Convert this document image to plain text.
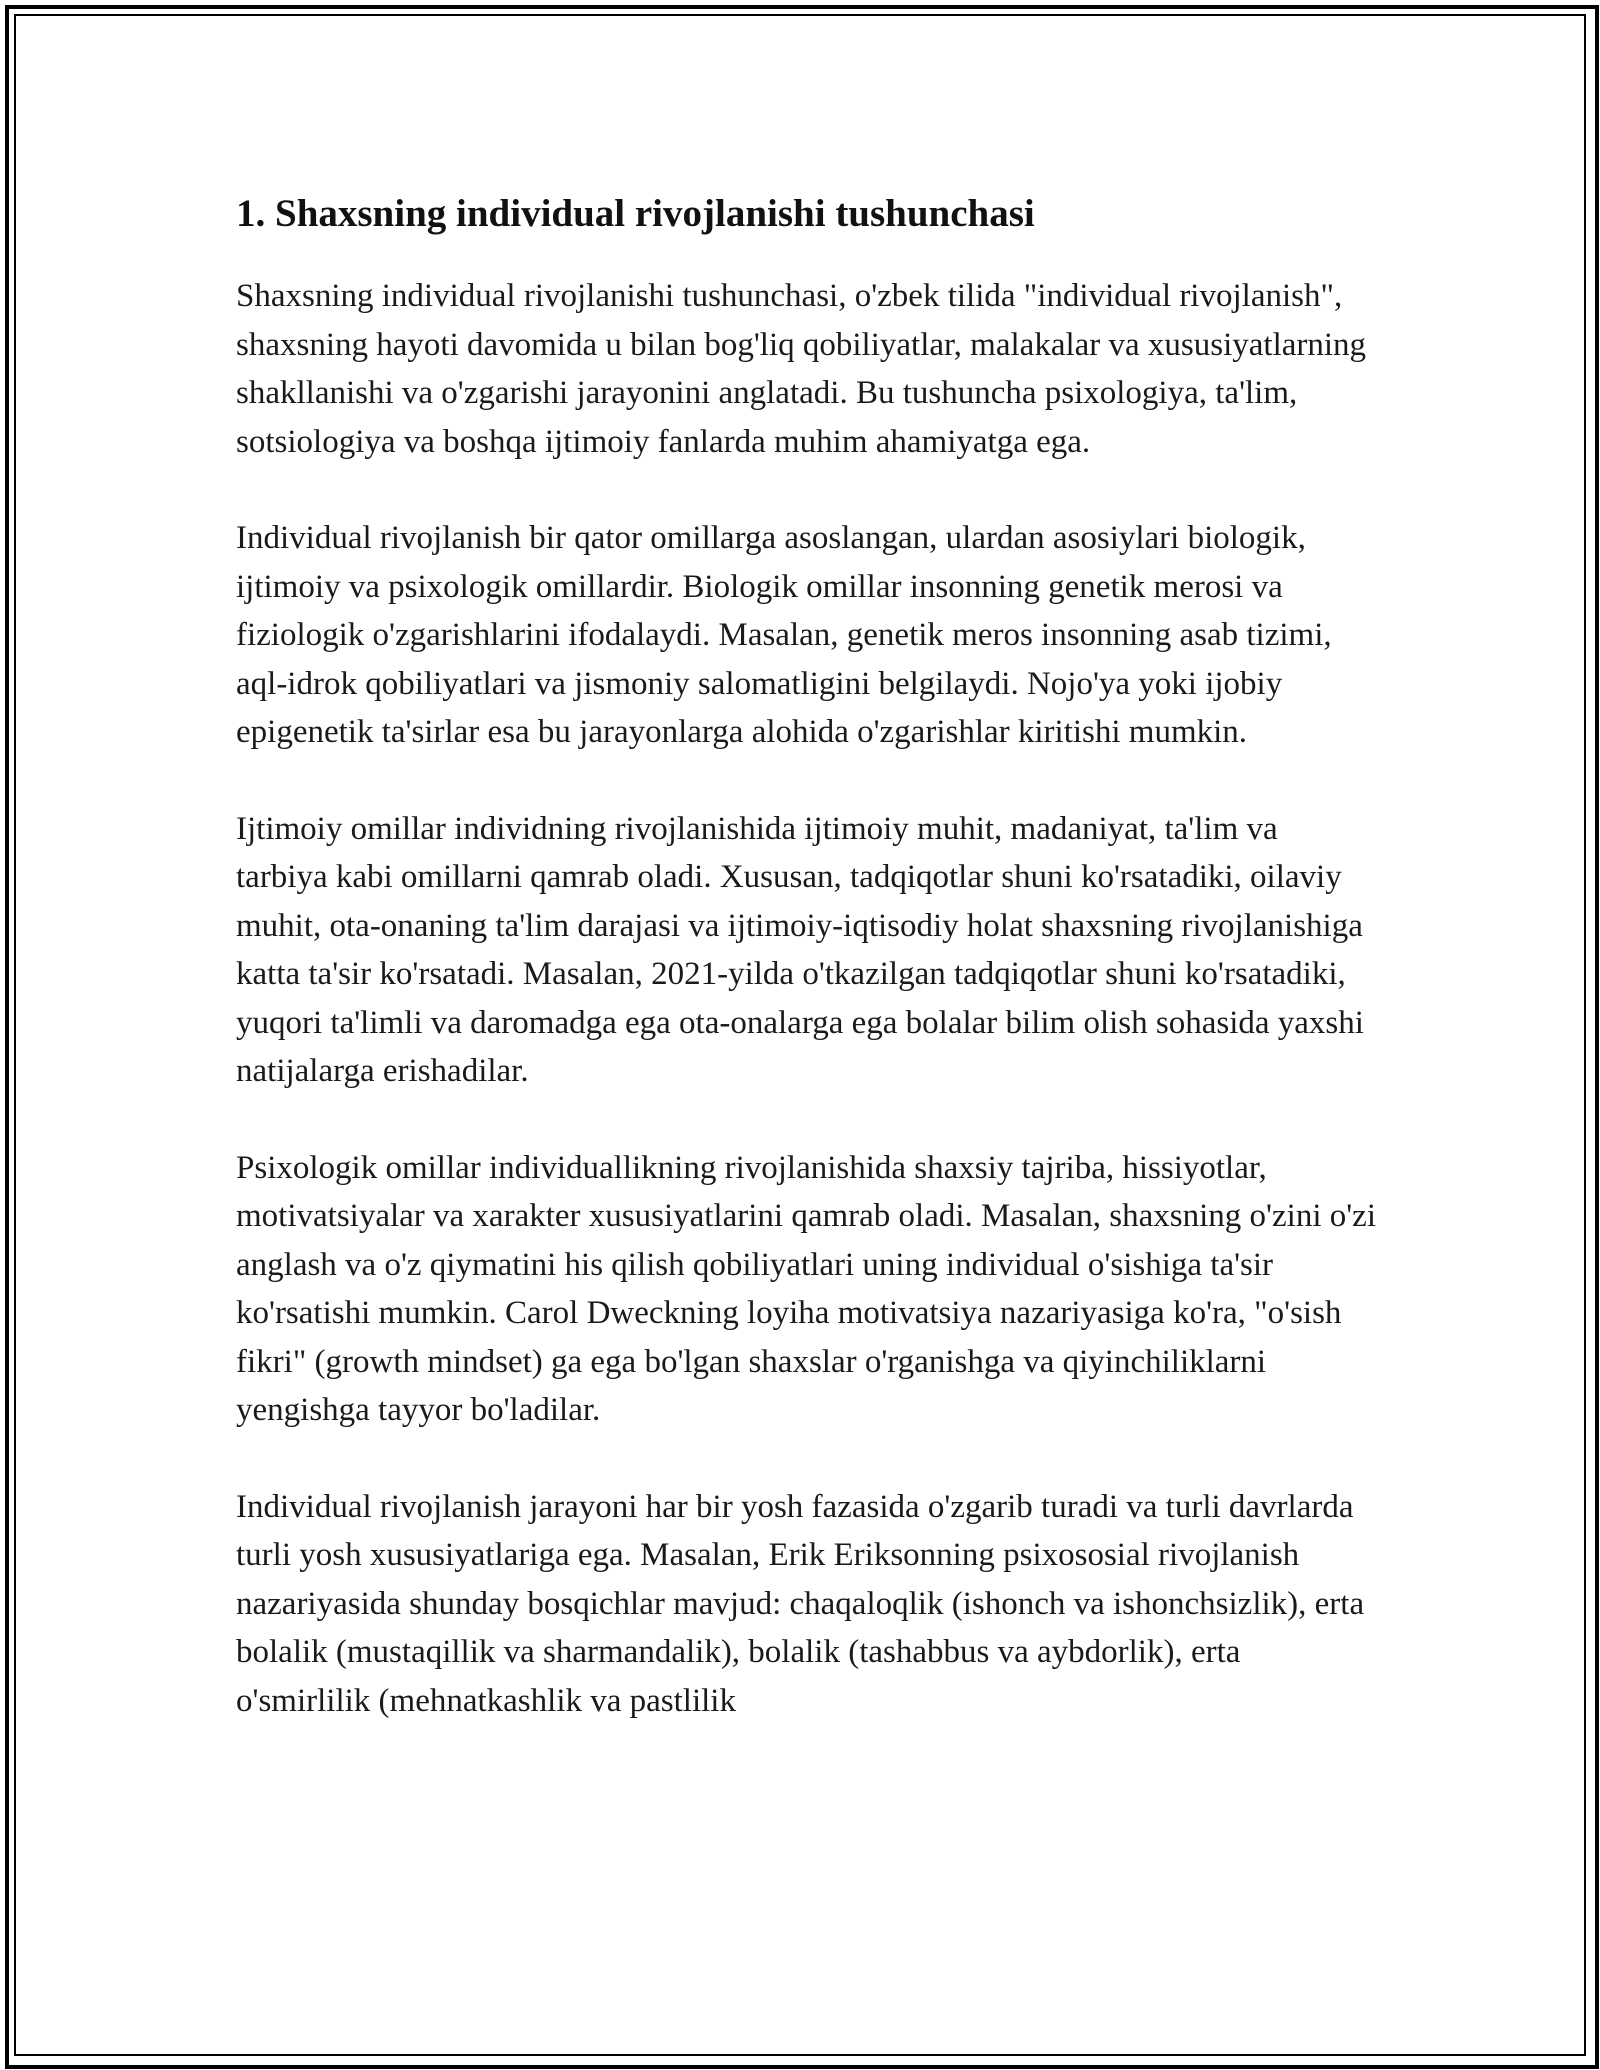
1. Shaxsning individual rivojlanishi tushunchasi

Shaxsning individual rivojlanishi tushunchasi, o'zbek tilida "individual rivojlanish", shaxsning hayoti davomida u bilan bog'liq qobiliyatlar, malakalar va xususiyatlarning shakllanishi va o'zgarishi jarayonini anglatadi. Bu tushuncha psixologiya, ta'lim, sotsiologiya va boshqa ijtimoiy fanlarda muhim ahamiyatga ega.

Individual rivojlanish bir qator omillarga asoslangan, ulardan asosiylari biologik, ijtimoiy va psixologik omillardir. Biologik omillar insonning genetik merosi va fiziologik o'zgarishlarini ifodalaydi. Masalan, genetik meros insonning asab tizimi, aql-idrok qobiliyatlari va jismoniy salomatligini belgilaydi. Nojo'ya yoki ijobiy epigenetik ta'sirlar esa bu jarayonlarga alohida o'zgarishlar kiritishi mumkin.

Ijtimoiy omillar individning rivojlanishida ijtimoiy muhit, madaniyat, ta'lim va tarbiya kabi omillarni qamrab oladi. Xususan, tadqiqotlar shuni ko'rsatadiki, oilaviy muhit, ota-onaning ta'lim darajasi va ijtimoiy-iqtisodiy holat shaxsning rivojlanishiga katta ta'sir ko'rsatadi. Masalan, 2021-yilda o'tkazilgan tadqiqotlar shuni ko'rsatadiki, yuqori ta'limli va daromadga ega ota-onalarga ega bolalar bilim olish sohasida yaxshi natijalarga erishadilar.

Psixologik omillar individuallikning rivojlanishida shaxsiy tajriba, hissiyotlar, motivatsiyalar va xarakter xususiyatlarini qamrab oladi. Masalan, shaxsning o'zini o'zi anglash va o'z qiymatini his qilish qobiliyatlari uning individual o'sishiga ta'sir ko'rsatishi mumkin. Carol Dweckning loyiha motivatsiya nazariyasiga ko'ra, "o'sish fikri" (growth mindset) ga ega bo'lgan shaxslar o'rganishga va qiyinchiliklarni yengishga tayyor bo'ladilar.

Individual rivojlanish jarayoni har bir yosh fazasida o'zgarib turadi va turli davrlarda turli yosh xususiyatlariga ega. Masalan, Erik Eriksonning psixososial rivojlanish nazariyasida shunday bosqichlar mavjud: chaqaloqlik (ishonch va ishonchsizlik), erta bolalik (mustaqillik va sharmandalik), bolalik (tashabbus va aybdorlik), erta o'smirlilik (mehnatkashlik va pastlilik
